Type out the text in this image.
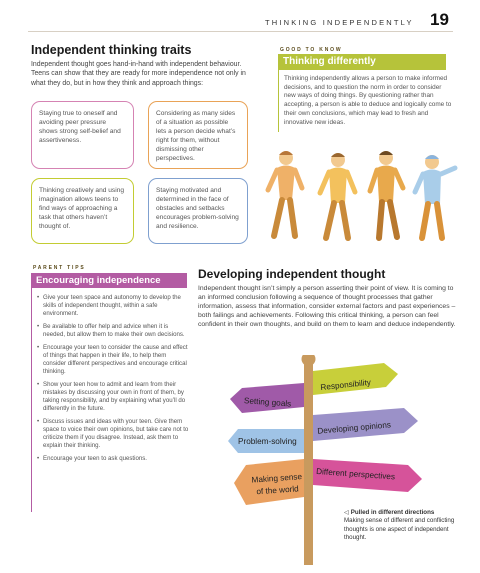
THINKING INDEPENDENTLY 19
Independent thinking traits
Independent thought goes hand-in-hand with independent behaviour. Teens can show that they are ready for more independence not only in what they do, but in how they think and approach things:
Staying true to oneself and avoiding peer pressure shows strong self-belief and assertiveness.
Considering as many sides of a situation as possible lets a person decide what’s right for them, without dismissing other perspectives.
Thinking creatively and using imagination allows teens to find ways of approaching a task that others haven’t thought of.
Staying motivated and determined in the face of obstacles and setbacks encourages problem-solving and resilience.
GOOD TO KNOW
Thinking differently
Thinking independently allows a person to make informed decisions, and to question the norm in order to consider new ways of doing things. By questioning rather than accepting, a person is able to deduce and logically come to their own conclusions, which may lead to fresh and innovative new ideas.
PARENT TIPS
Encouraging independence
• Give your teen space and autonomy to develop the skills of independent thought, within a safe environment.
• Be available to offer help and advice when it is needed, but allow them to make their own decisions.
• Encourage your teen to consider the cause and effect of things that happen in their life, to help them consider different perspectives and encourage critical thinking.
• Show your teen how to admit and learn from their mistakes by discussing your own in front of them, by taking responsibility, and by explaining what you’ll do differently in the future.
• Discuss issues and ideas with your teen. Give them space to voice their own opinions, but take care not to criticize them if you disagree. Instead, ask them to explain their thinking.
• Encourage your teen to ask questions.
Developing independent thought
Independent thought isn’t simply a person asserting their point of view. It is coming to an informed conclusion following a sequence of thought processes that gather information, assess that information, consider external factors and past experiences – both failings and achievements. Following this critical thinking, a person can feel confident in their own thoughts, and build on them to learn and deduce independently.
Responsibility
Setting goals
Developing opinions
Problem-solving
Different perspectives
Making sense
of the world
◁ Pulled in different directions
Making sense of different and conflicting thoughts is one aspect of independent thought.
